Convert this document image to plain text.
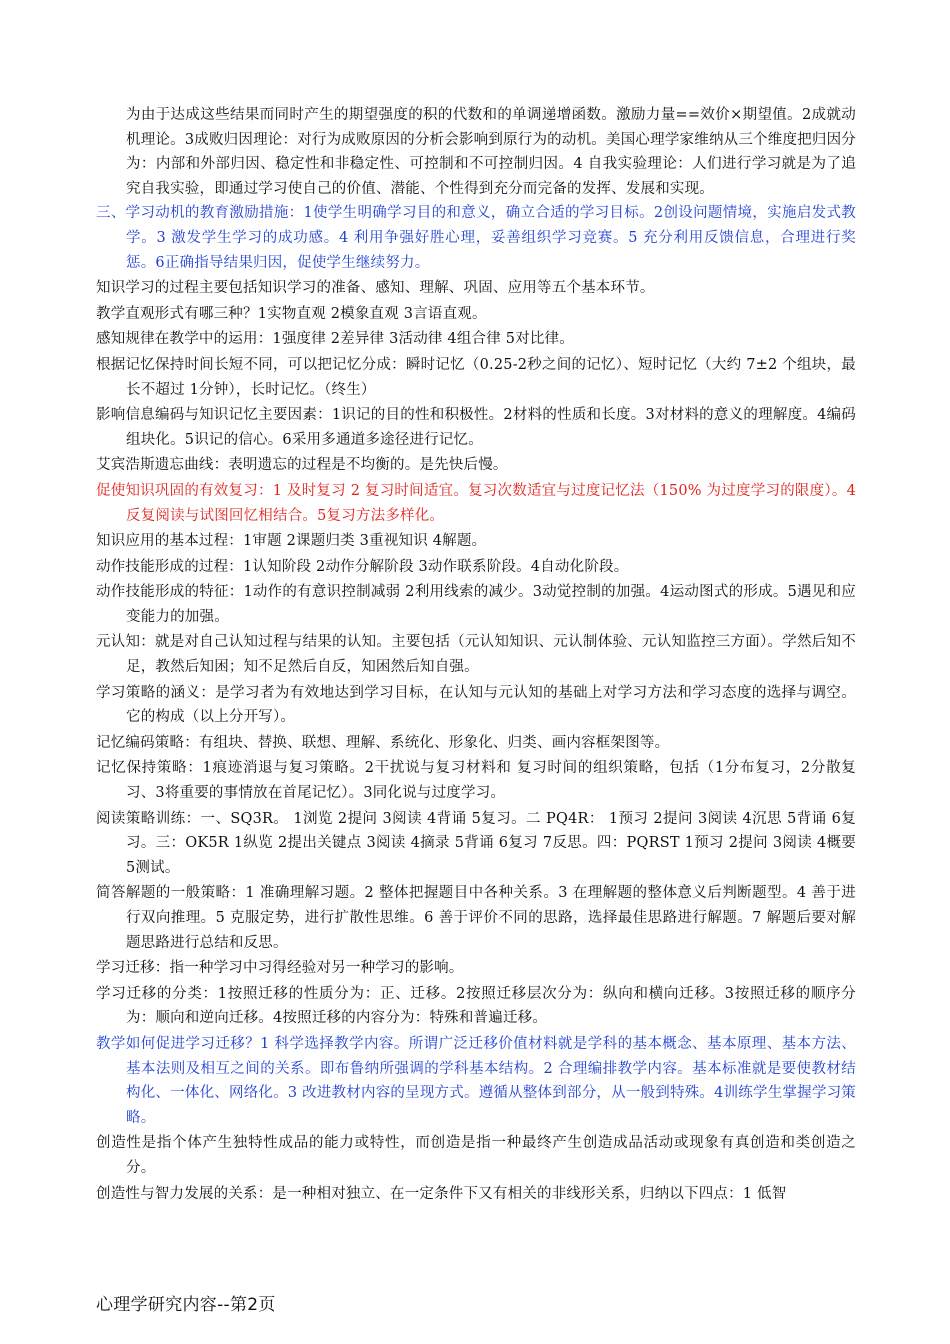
为由于达成这些结果而同时产生的期望强度的积的代数和的单调递增函数。激励力量==效价×期望值。2成就动机理论。3成败归因理论：对行为成败原因的分析会影响到原行为的动机。美国心理学家维纳从三个维度把归因分为：内部和外部归因、稳定性和非稳定性、可控制和不可控制归因。4 自我实验理论：人们进行学习就是为了追究自我实验，即通过学习使自己的价值、潜能、个性得到充分而完备的发挥、发展和实现。

三、学习动机的教育激励措施：1使学生明确学习目的和意义，确立合适的学习目标。2创设问题情境，实施启发式教学。3 激发学生学习的成功感。4 利用争强好胜心理，妥善组织学习竞赛。5 充分利用反馈信息，合理进行奖惩。6正确指导结果归因，促使学生继续努力。

知识学习的过程主要包括知识学习的准备、感知、理解、巩固、应用等五个基本环节。

教学直观形式有哪三种？1实物直观 2模象直观 3言语直观。

感知规律在教学中的运用：1强度律 2差异律 3活动律 4组合律 5对比律。

根据记忆保持时间长短不同，可以把记忆分成：瞬时记忆（0.25-2秒之间的记忆）、短时记忆（大约 7±2 个组块，最长不超过 1分钟），长时记忆。（终生）

影响信息编码与知识记忆主要因素：1识记的目的性和积极性。2材料的性质和长度。3对材料的意义的理解度。4编码组块化。5识记的信心。6采用多通道多途径进行记忆。

艾宾浩斯遗忘曲线：表明遗忘的过程是不均衡的。是先快后慢。

促使知识巩固的有效复习：1 及时复习 2 复习时间适宜。复习次数适宜与过度记忆法（150% 为过度学习的限度）。4反复阅读与试图回忆相结合。5复习方法多样化。

知识应用的基本过程：1审题 2课题归类 3重视知识 4解题。

动作技能形成的过程：1认知阶段 2动作分解阶段 3动作联系阶段。4自动化阶段。

动作技能形成的特征：1动作的有意识控制减弱 2利用线索的减少。3动觉控制的加强。4运动图式的形成。5遇见和应变能力的加强。

元认知：就是对自己认知过程与结果的认知。主要包括（元认知知识、元认制体验、元认知监控三方面）。学然后知不足，教然后知困；知不足然后自反，知困然后知自强。

学习策略的涵义：是学习者为有效地达到学习目标，在认知与元认知的基础上对学习方法和学习态度的选择与调空。它的构成（以上分开写）。

记忆编码策略：有组块、替换、联想、理解、系统化、形象化、归类、画内容框架图等。

记忆保持策略：1痕迹消退与复习策略。2干扰说与复习材料和 复习时间的组织策略，包括（1分布复习，2分散复习、3将重要的事情放在首尾记忆）。3同化说与过度学习。

阅读策略训练：一、SQ3R。 1浏览 2提问 3阅读 4背诵 5复习。二 PQ4R： 1预习 2提问 3阅读 4沉思 5背诵 6复习。三：OK5R 1纵览 2提出关键点 3阅读 4摘录 5背诵 6复习 7反思。四：PQRST 1预习 2提问 3阅读 4概要 5测试。

简答解题的一般策略：1 准确理解习题。2 整体把握题目中各种关系。3 在理解题的整体意义后判断题型。4 善于进行双向推理。5 克服定势，进行扩散性思维。6 善于评价不同的思路，选择最佳思路进行解题。7 解题后要对解题思路进行总结和反思。

学习迁移：指一种学习中习得经验对另一种学习的影响。

学习迁移的分类：1按照迁移的性质分为：正、迁移。2按照迁移层次分为：纵向和横向迁移。3按照迁移的顺序分为：顺向和逆向迁移。4按照迁移的内容分为：特殊和普遍迁移。

教学如何促进学习迁移？1 科学选择教学内容。所谓广泛迁移价值材料就是学科的基本概念、基本原理、基本方法、基本法则及相互之间的关系。即布鲁纳所强调的学科基本结构。2 合理编排教学内容。基本标准就是要使教材结构化、一体化、网络化。3 改进教材内容的呈现方式。遵循从整体到部分，从一般到特殊。4训练学生掌握学习策略。

创造性是指个体产生独特性成品的能力或特性，而创造是指一种最终产生创造成品活动或现象有真创造和类创造之分。

创造性与智力发展的关系：是一种相对独立、在一定条件下又有相关的非线形关系，归纳以下四点：1 低智

心理学研究内容--第2页
